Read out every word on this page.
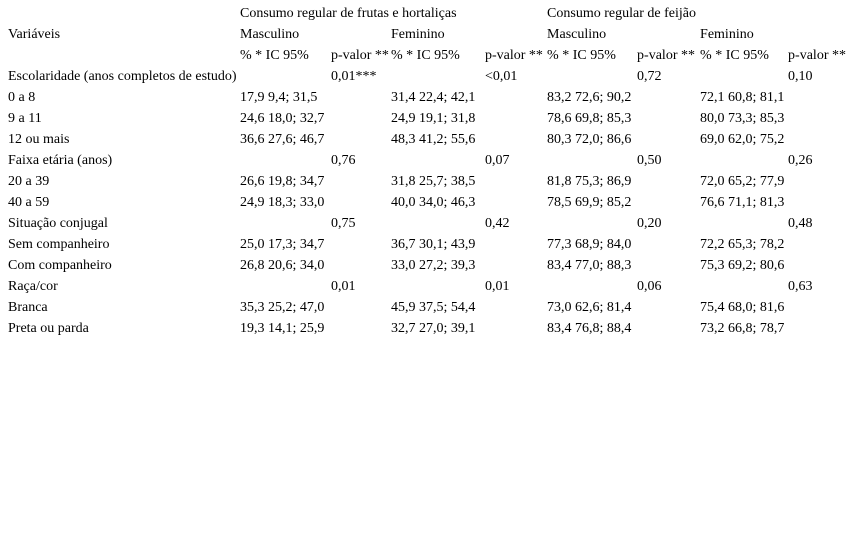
	Consumo regular de frutas e hortaliças				Consumo regular de feijão			
Variáveis	Masculino		Feminino		Masculino		Feminino	
	% * IC 95%	p-valor **	% * IC 95%	p-valor **	% * IC 95%	p-valor **	% * IC 95%	p-valor **
Escolaridade (anos completos de estudo)		0,01***		<0,01		0,72		0,10
0 a 8	17,9 9,4; 31,5		31,4 22,4; 42,1		83,2 72,6; 90,2		72,1 60,8; 81,1	
9 a 11	24,6 18,0; 32,7		24,9 19,1; 31,8		78,6 69,8; 85,3		80,0 73,3; 85,3	
12 ou mais	36,6 27,6; 46,7		48,3 41,2; 55,6		80,3 72,0; 86,6		69,0 62,0; 75,2	
Faixa etária (anos)		0,76		0,07		0,50		0,26
20 a 39	26,6 19,8; 34,7		31,8 25,7; 38,5		81,8 75,3; 86,9		72,0 65,2; 77,9	
40 a 59	24,9 18,3; 33,0		40,0 34,0; 46,3		78,5 69,9; 85,2		76,6 71,1; 81,3	
Situação conjugal		0,75		0,42		0,20		0,48
Sem companheiro	25,0 17,3; 34,7		36,7 30,1; 43,9		77,3 68,9; 84,0		72,2 65,3; 78,2	
Com companheiro	26,8 20,6; 34,0		33,0 27,2; 39,3		83,4 77,0; 88,3		75,3 69,2; 80,6	
Raça/cor		0,01		0,01		0,06		0,63
Branca	35,3 25,2; 47,0		45,9 37,5; 54,4		73,0 62,6; 81,4		75,4 68,0; 81,6	
Preta ou parda	19,3 14,1; 25,9		32,7 27,0; 39,1		83,4 76,8; 88,4		73,2 66,8; 78,7	
